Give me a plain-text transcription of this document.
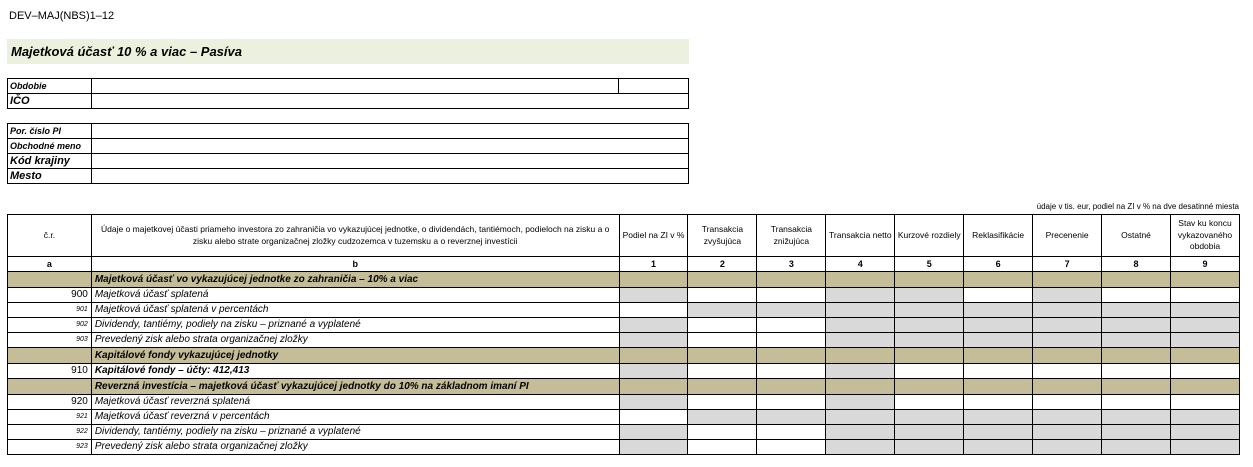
DEV–MAJ(NBS)1–12
Majetková účasť 10 % a viac – Pasíva
Obdobie		
IČO		
Por. číslo PI	
Obchodné meno	
Kód krajiny	
Mesto	
údaje v tis. eur, podiel na ZI v % na dve desatinné miesta
č.r.	Údaje o majetkovej účasti priameho investora zo zahraničia vo vykazujúcej jednotke, o dividendách, tantiémoch, podieloch na zisku a o zisku alebo strate organizačnej zložky cudzozemca v tuzemsku a o reverznej investícii	Podiel na ZI v %	Transakcia zvyšujúca	Transakcia znižujúca	Transakcia netto	Kurzové rozdiely	Reklasifikácie	Precenenie	Ostatné	Stav ku koncu vykazovaného obdobia
a	b	1	2	3	4	5	6	7	8	9
	Majetková účasť vo vykazujúcej jednotke zo zahraničia – 10% a viac									
900	Majetková účasť splatená									
901	Majetková účasť splatená v percentách									
902	Dividendy, tantiémy, podiely na zisku – priznané a vyplatené									
903	Prevedený zisk alebo strata organizačnej zložky									
	Kapitálové fondy vykazujúcej jednotky									
910	Kapitálové fondy – účty: 412,413									
	Reverzná investícia – majetková účasť vykazujúcej jednotky do 10% na základnom imaní PI									
920	Majetková účasť reverzná splatená									
921	Majetková účasť reverzná v percentách									
922	Dividendy, tantiémy, podiely na zisku – priznané a vyplatené									
923	Prevedený zisk alebo strata organizačnej zložky									
